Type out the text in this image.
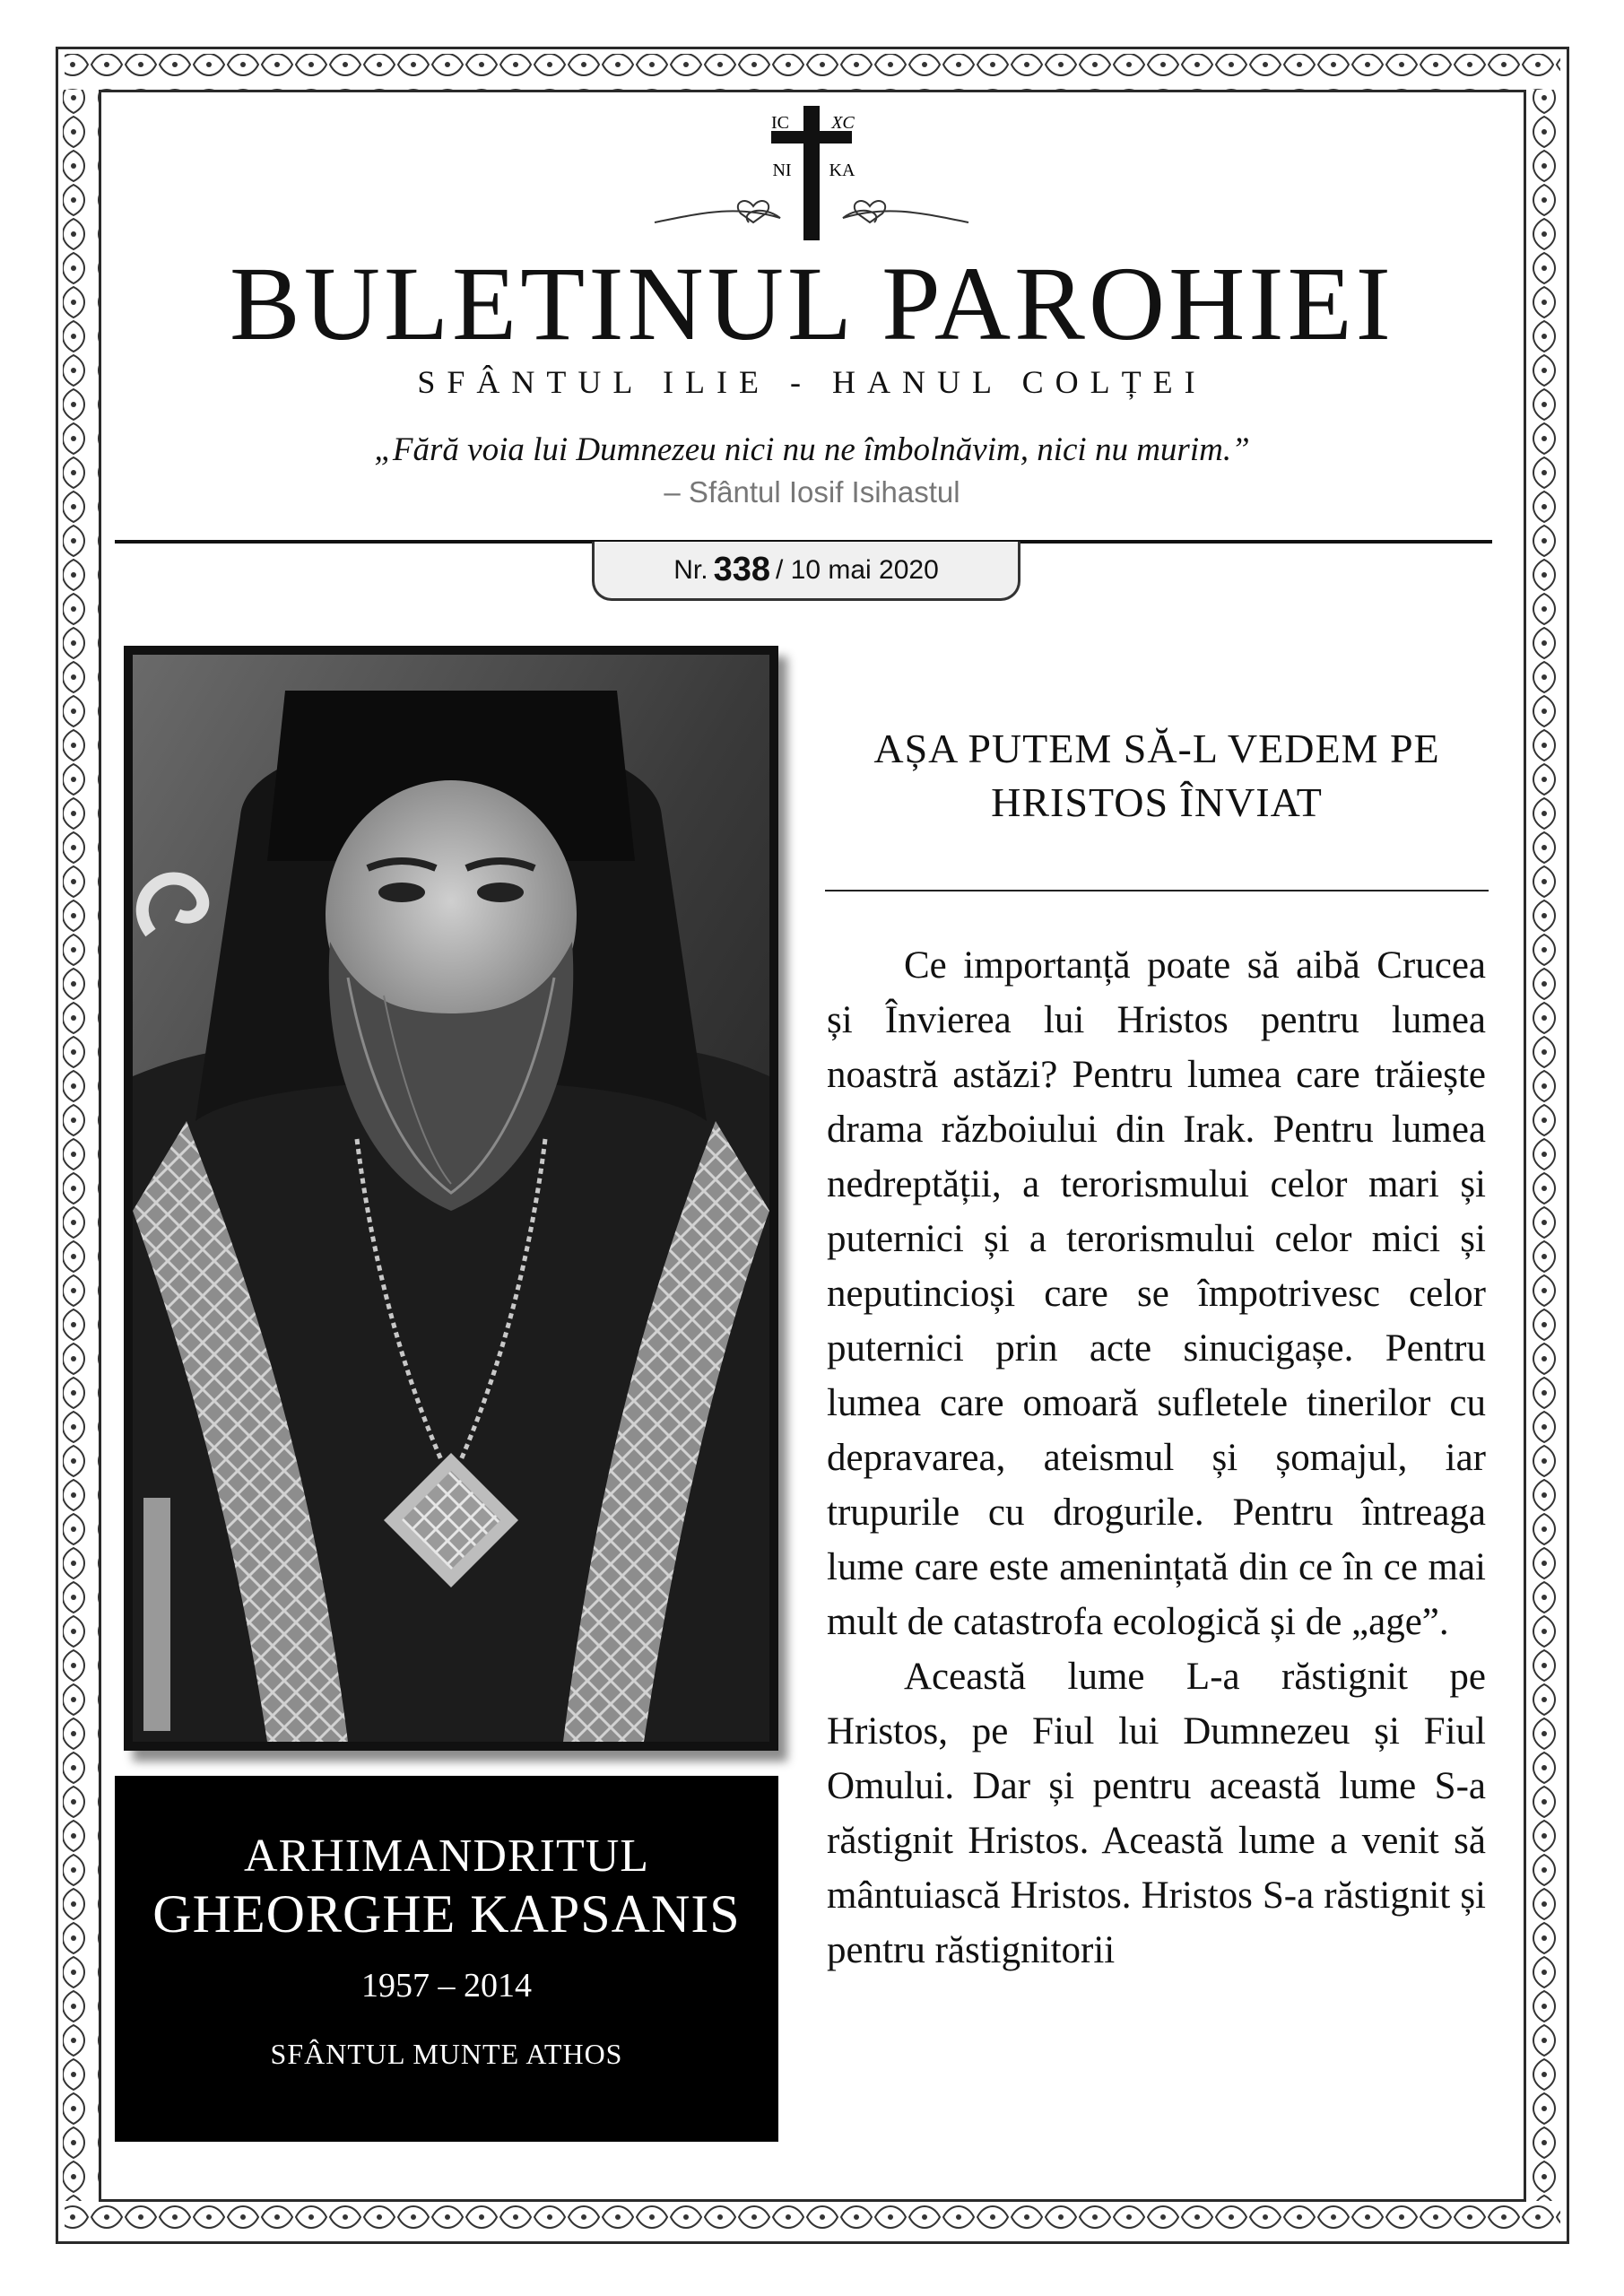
IC XC
NI KA
BULETINUL PAROHIEI
SFÂNTUL ILIE - HANUL COLȚEI
„Fără voia lui Dumnezeu nici nu ne îmbolnăvim, nici nu murim.”
– Sfântul Iosif Isihastul
Nr. 338 / 10 mai 2020
ARHIMANDRITUL
GHEORGHE KAPSANIS
1957 – 2014
SFÂNTUL MUNTE ATHOS
AȘA PUTEM SĂ-L VEDEM PE HRISTOS ÎNVIAT

Ce importanță poate să aibă Crucea și Învierea lui Hristos pentru lumea noastră astăzi? Pentru lumea care trăiește drama războiului din Irak. Pentru lumea nedreptății, a terorismului celor mari și puternici și a terorismului celor mici și neputincioși care se împotrivesc celor puternici prin acte sinucigașe. Pentru lumea care omoară sufletele tinerilor cu depravarea, ateismul și șomajul, iar trupurile cu drogurile. Pentru întreaga lume care este amenințată din ce în ce mai mult de catastrofa ecologică și de „age”.

Această lume L-a răstignit pe Hristos, pe Fiul lui Dumnezeu și Fiul Omului. Dar și pentru această lume S-a răstignit Hristos. Această lume a venit să mântuiască Hristos. Hristos S-a răstignit și pentru răstignitorii
